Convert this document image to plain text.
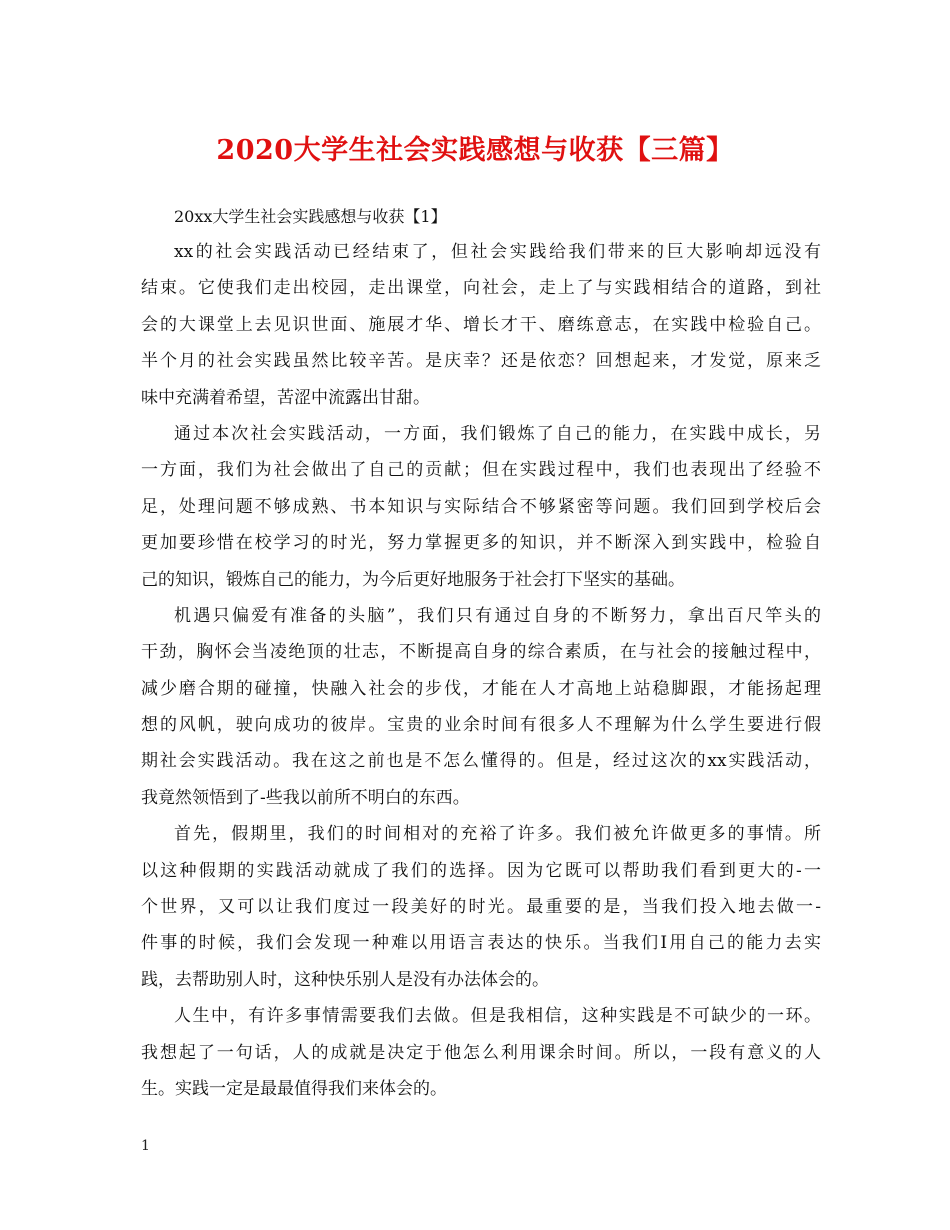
2020大学生社会实践感想与收获【三篇】
20xx大学生社会实践感想与收获【1】
xx的社会实践活动已经结束了，但社会实践给我们带来的巨大影响却远没有
结束。它使我们走出校园，走出课堂，向社会，走上了与实践相结合的道路，到社
会的大课堂上去见识世面、施展才华、增长才干、磨练意志，在实践中检验自己。
半个月的社会实践虽然比较辛苦。是庆幸？还是依恋？回想起来，才发觉，原来乏
味中充满着希望，苦涩中流露出甘甜。
通过本次社会实践活动，一方面，我们锻炼了自己的能力，在实践中成长，另
一方面，我们为社会做出了自己的贡献；但在实践过程中，我们也表现出了经验不
足，处理问题不够成熟、书本知识与实际结合不够紧密等问题。我们回到学校后会
更加要珍惜在校学习的时光，努力掌握更多的知识，并不断深入到实践中，检验自
己的知识，锻炼自己的能力，为今后更好地服务于社会打下坚实的基础。
机遇只偏爱有准备的头脑”，我们只有通过自身的不断努力，拿出百尺竿头的
干劲，胸怀会当凌绝顶的壮志，不断提高自身的综合素质，在与社会的接触过程中，
减少磨合期的碰撞，快融入社会的步伐，才能在人才高地上站稳脚跟，才能扬起理
想的风帆，驶向成功的彼岸。宝贵的业余时间有很多人不理解为什么学生要进行假
期社会实践活动。我在这之前也是不怎么懂得的。但是，经过这次的xx实践活动，
我竟然领悟到了-些我以前所不明白的东西。
首先，假期里，我们的时间相对的充裕了许多。我们被允许做更多的事情。所
以这种假期的实践活动就成了我们的选择。因为它既可以帮助我们看到更大的-一
个世界，又可以让我们度过一段美好的时光。最重要的是，当我们投入地去做一-
件事的时候，我们会发现一种难以用语言表达的快乐。当我们I用自己的能力去实
践，去帮助别人时，这种快乐别人是没有办法体会的。
人生中，有许多事情需要我们去做。但是我相信，这种实践是不可缺少的一环。
我想起了一句话，人的成就是决定于他怎么利用课余时间。所以，一段有意义的人
生。实践一定是最最值得我们来体会的。
1
